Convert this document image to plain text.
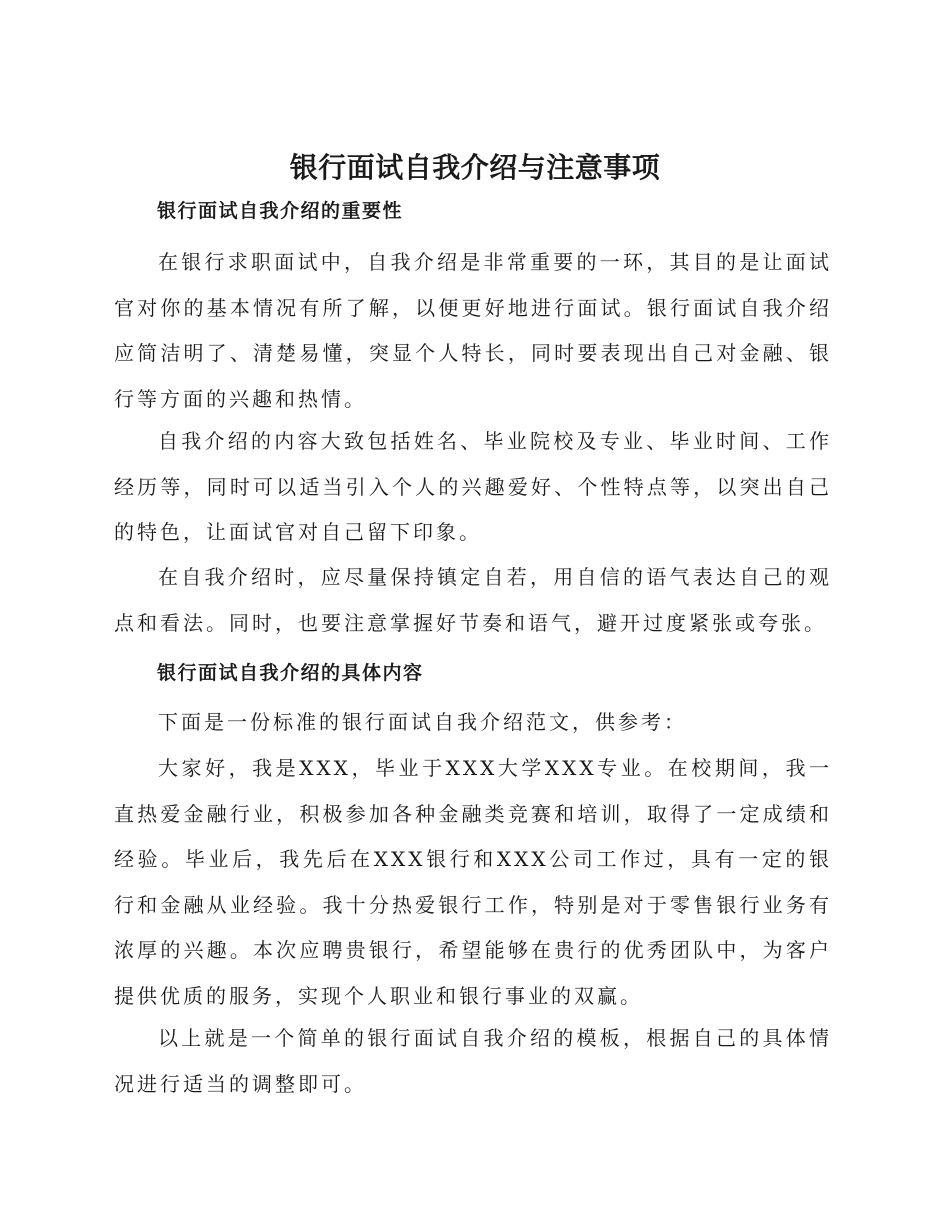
银行面试自我介绍与注意事项
银行面试自我介绍的重要性

在银行求职面试中，自我介绍是非常重要的一环，其目的是让面试官对你的基本情况有所了解，以便更好地进行面试。银行面试自我介绍应简洁明了、清楚易懂，突显个人特长，同时要表现出自己对金融、银行等方面的兴趣和热情。

自我介绍的内容大致包括姓名、毕业院校及专业、毕业时间、工作经历等，同时可以适当引入个人的兴趣爱好、个性特点等，以突出自己的特色，让面试官对自己留下印象。

在自我介绍时，应尽量保持镇定自若，用自信的语气表达自己的观点和看法。同时，也要注意掌握好节奏和语气，避开过度紧张或夸张。

银行面试自我介绍的具体内容

下面是一份标准的银行面试自我介绍范文，供参考：

大家好，我是XXX，毕业于XXX大学XXX专业。在校期间，我一直热爱金融行业，积极参加各种金融类竞赛和培训，取得了一定成绩和经验。毕业后，我先后在XXX银行和XXX公司工作过，具有一定的银行和金融从业经验。我十分热爱银行工作，特别是对于零售银行业务有浓厚的兴趣。本次应聘贵银行，希望能够在贵行的优秀团队中，为客户提供优质的服务，实现个人职业和银行事业的双赢。

以上就是一个简单的银行面试自我介绍的模板，根据自己的具体情况进行适当的调整即可。
